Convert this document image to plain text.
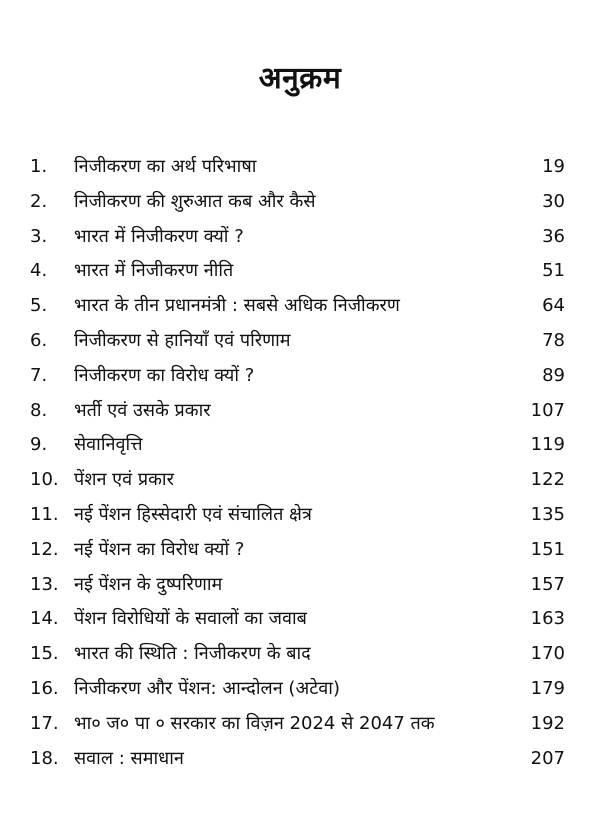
अनुक्रम
1. निजीकरण का अर्थ परिभाषा	19
2. निजीकरण की शुरुआत कब और कैसे	30
3. भारत में निजीकरण क्यों ?	36
4. भारत में निजीकरण नीति	51
5. भारत के तीन प्रधानमंत्री : सबसे अधिक निजीकरण	64
6. निजीकरण से हानियाँ एवं परिणाम	78
7. निजीकरण का विरोध क्यों ?	89
8. भर्ती एवं उसके प्रकार	107
9. सेवानिवृत्ति	119
10. पेंशन एवं प्रकार	122
11. नई पेंशन हिस्सेदारी एवं संचालित क्षेत्र	135
12. नई पेंशन का विरोध क्यों ?	151
13. नई पेंशन के दुष्परिणाम	157
14. पेंशन विरोधियों के सवालों का जवाब	163
15. भारत की स्थिति : निजीकरण के बाद	170
16. निजीकरण और पेंशन: आन्दोलन (अटेवा)	179
17. भा० ज० पा ० सरकार का विज़न 2024 से 2047 तक	192
18. सवाल : समाधान	207
